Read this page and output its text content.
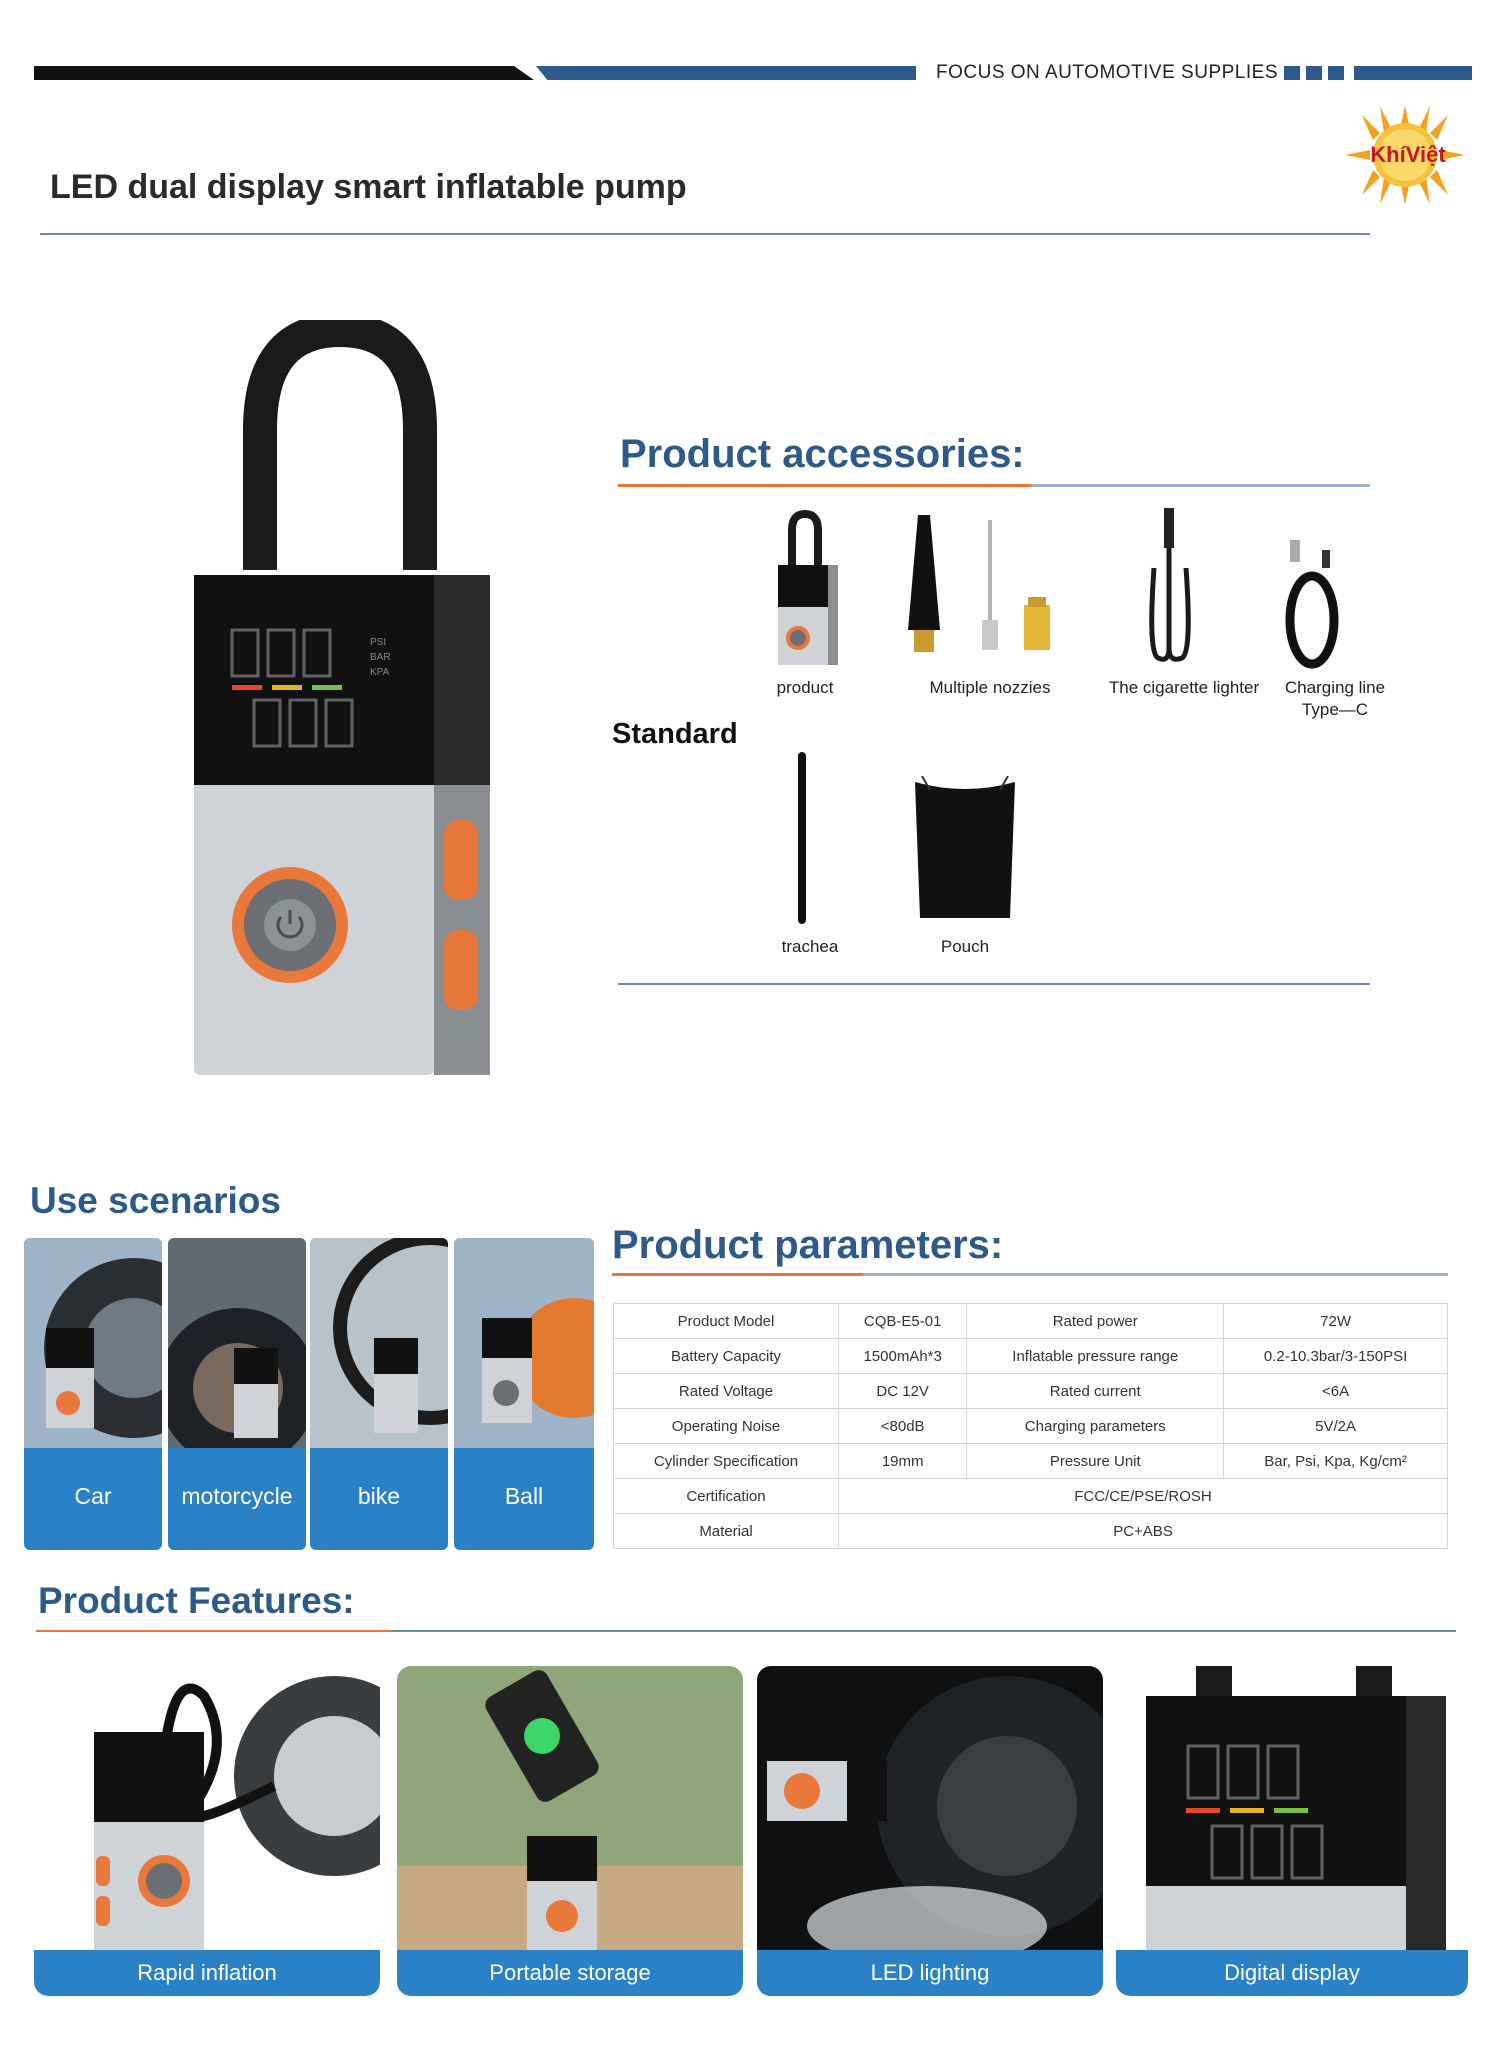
FOCUS ON AUTOMOTIVE SUPPLIES
KhíViệt
LED dual display smart inflatable pump
PSI
BAR
KPA
Product accessories:
product	Multiple nozzies	The cigarette lighter	Charging line
Type—C
Standard
trachea	Pouch
Use scenarios
Car	motorcycle	bike	Ball
Product parameters:
Product Model	CQB-E5-01	Rated power	72W
Battery Capacity	1500mAh*3	Inflatable pressure range	0.2-10.3bar/3-150PSI
Rated Voltage	DC 12V	Rated current	<6A
Operating Noise	<80dB	Charging parameters	5V/2A
Cylinder Specification	19mm	Pressure Unit	Bar, Psi, Kpa, Kg/cm²
Certification	FCC/CE/PSE/ROSH		
Material	PC+ABS		
Product Features:
Rapid inflation	Portable storage	LED lighting	Digital display
